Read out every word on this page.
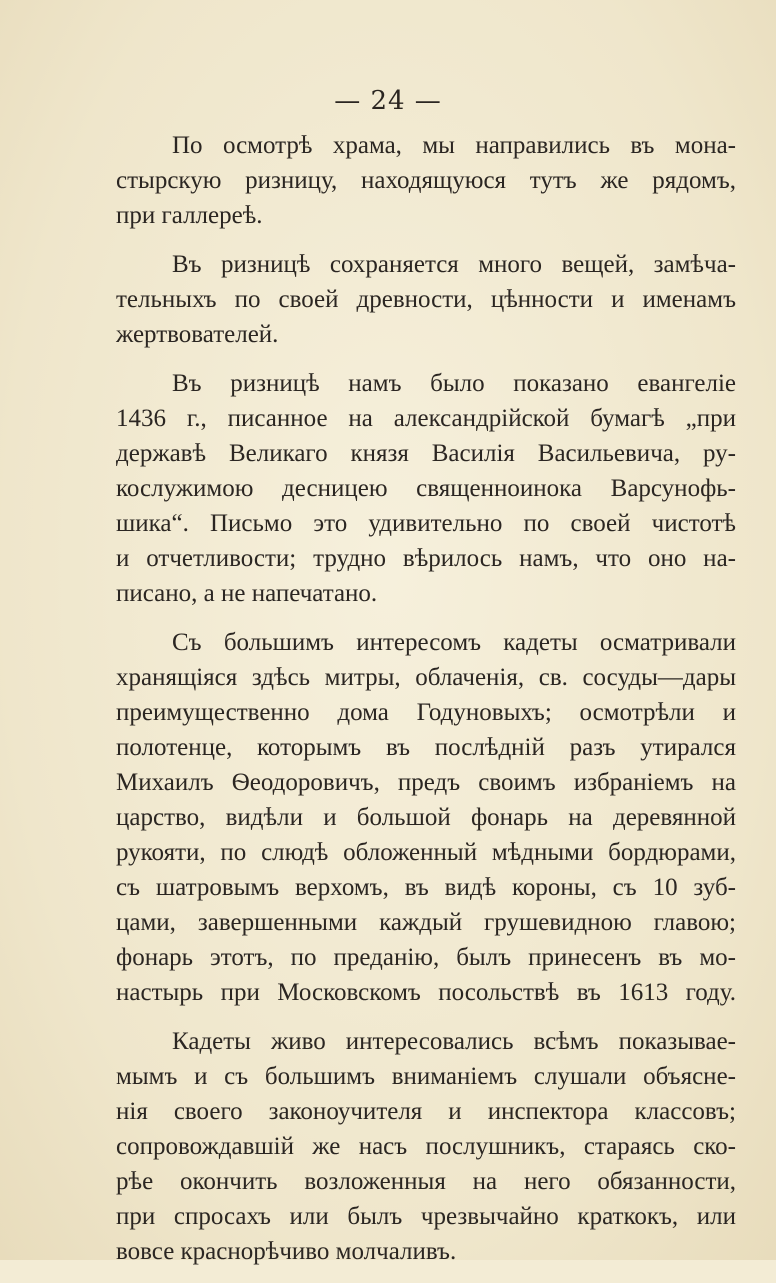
— 24 —
По осмотрѣ храма, мы направились въ мона-
стырскую ризницу, находящуюся тутъ же рядомъ,
при галлереѣ.
Въ ризницѣ сохраняется много вещей, замѣча-
тельныхъ по своей древности, цѣнности и именамъ
жертвователей.
Въ ризницѣ намъ было показано евангеліе
1436 г., писанное на александрійской бумагѣ „при
державѣ Великаго князя Василія Васильевича, ру-
кослужимою десницею священноинока Варсунофь-
шика“. Письмо это удивительно по своей чистотѣ
и отчетливости; трудно вѣрилось намъ, что оно на-
писано, а не напечатано.
Съ большимъ интересомъ кадеты осматривали
хранящіяся здѣсь митры, облаченія, св. сосуды—дары
преимущественно дома Годуновыхъ; осмотрѣли и
полотенце, которымъ въ послѣдній разъ утирался
Михаилъ Ѳеодоровичъ, предъ своимъ избраніемъ на
царство, видѣли и большой фонарь на деревянной
рукояти, по слюдѣ обложенный мѣдными бордюрами,
съ шатровымъ верхомъ, въ видѣ короны, съ 10 зуб-
цами, завершенными каждый грушевидною главою;
фонарь этотъ, по преданію, былъ принесенъ въ мо-
настырь при Московскомъ посольствѣ въ 1613 году.
Кадеты живо интересовались всѣмъ показывае-
мымъ и съ большимъ вниманіемъ слушали объясне-
нія своего законоучителя и инспектора классовъ;
сопровождавшій же насъ послушникъ, стараясь ско-
рѣе окончить возложенныя на него обязанности,
при спросахъ или былъ чрезвычайно краткокъ, или
вовсе краснорѣчиво молчаливъ.
